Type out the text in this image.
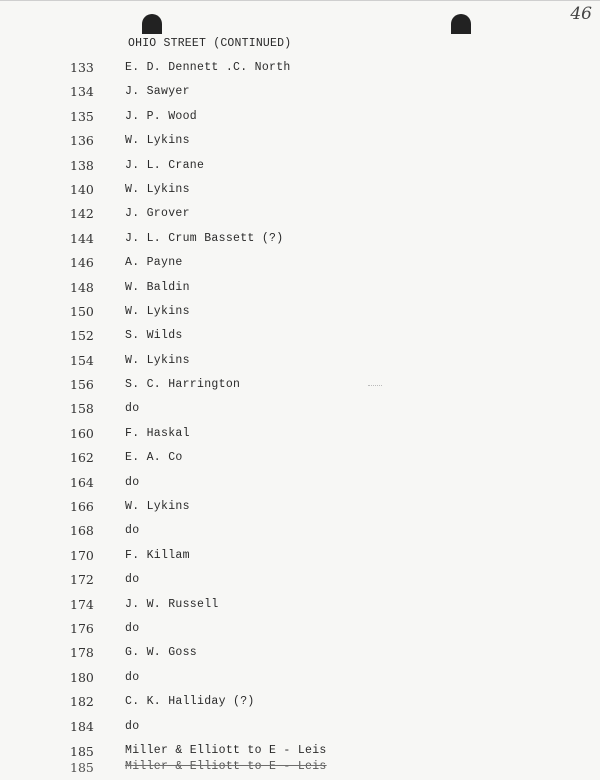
46
OHIO STREET (CONTINUED)
133	E. D. Dennett .C. North
134	J. Sawyer
135	J. P. Wood
136	W. Lykins
138	J. L. Crane
140	W. Lykins
142	J. Grover
144	J. L. Crum Bassett (?)
146	A. Payne
148	W. Baldin
150	W. Lykins
152	S. Wilds
154	W. Lykins
156	S. C. Harrington
158	do
160	F. Haskal
162	E. A. Co
164	do
166	W. Lykins
168	do
170	F. Killam
172	do
174	J. W. Russell
176	do
178	G. W. Goss
180	do
182	C. K. Halliday (?)
184	do
185	Miller & Elliott to E - Leis
185	Miller & Elliott to E - Leis
